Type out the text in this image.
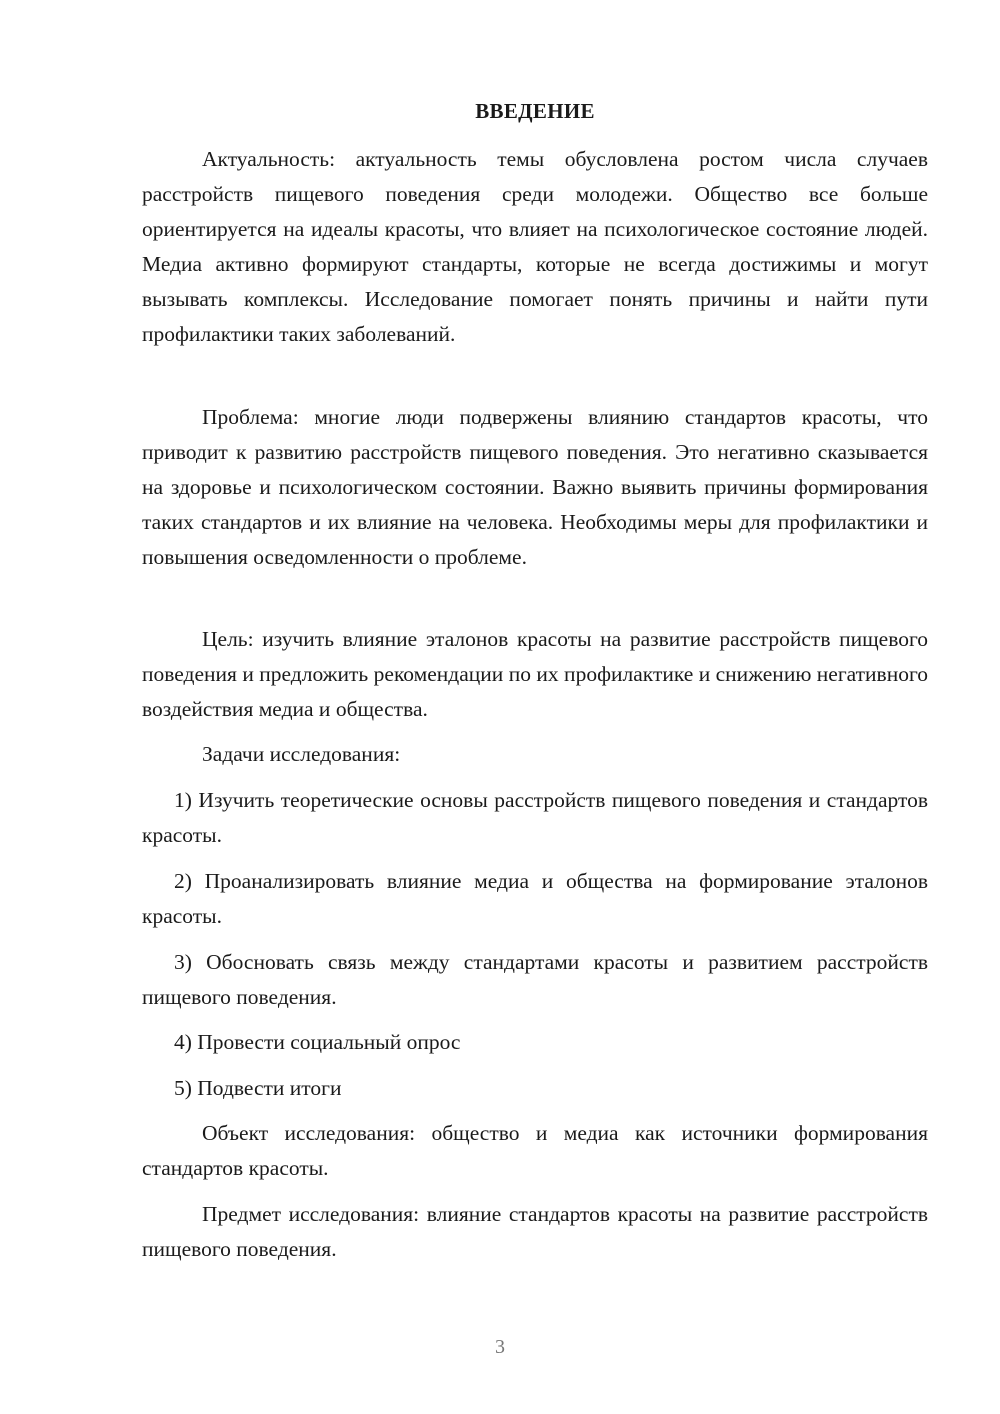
ВВЕДЕНИЕ

Актуальность: актуальность темы обусловлена ростом числа случаев расстройств пищевого поведения среди молодежи. Общество все больше ориентируется на идеалы красоты, что влияет на психологическое состояние людей. Медиа активно формируют стандарты, которые не всегда достижимы и могут вызывать комплексы. Исследование помогает понять причины и найти пути профилактики таких заболеваний.

Проблема: многие люди подвержены влиянию стандартов красоты, что приводит к развитию расстройств пищевого поведения. Это негативно сказывается на здоровье и психологическом состоянии. Важно выявить причины формирования таких стандартов и их влияние на человека. Необходимы меры для профилактики и повышения осведомленности о проблеме.

Цель: изучить влияние эталонов красоты на развитие расстройств пищевого поведения и предложить рекомендации по их профилактике и снижению негативного воздействия медиа и общества.

Задачи исследования:

1) Изучить теоретические основы расстройств пищевого поведения и стандартов красоты.

2) Проанализировать влияние медиа и общества на формирование эталонов красоты.

3) Обосновать связь между стандартами красоты и развитием расстройств пищевого поведения.

4) Провести социальный опрос

5) Подвести итоги

Объект исследования: общество и медиа как источники формирования стандартов красоты.

Предмет исследования: влияние стандартов красоты на развитие расстройств пищевого поведения.

3
